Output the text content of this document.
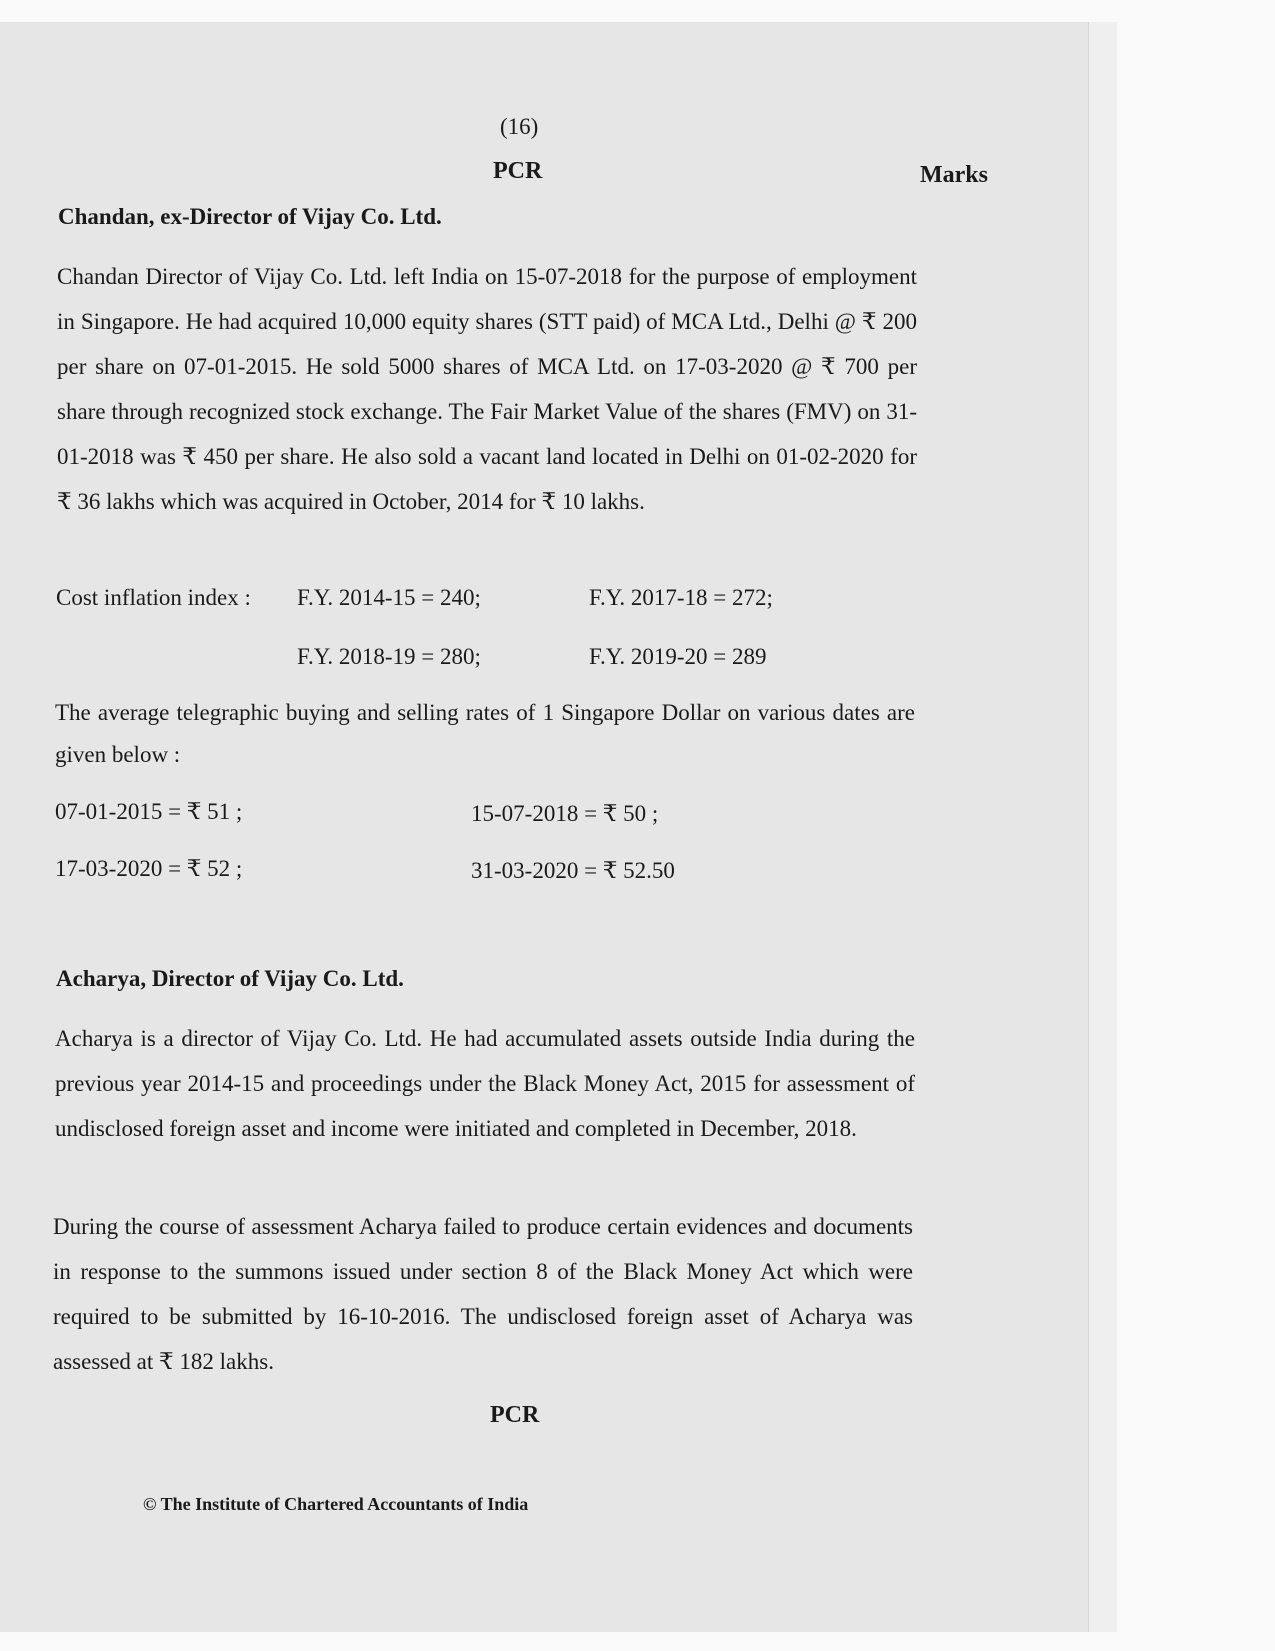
(16)
PCR	Marks
Chandan, ex-Director of Vijay Co. Ltd.
Chandan Director of Vijay Co. Ltd. left India on 15-07-2018 for the purpose of employment in Singapore. He had acquired 10,000 equity shares (STT paid) of MCA Ltd., Delhi @ ₹ 200 per share on 07-01-2015. He sold 5000 shares of MCA Ltd. on 17-03-2020 @ ₹ 700 per share through recognized stock exchange. The Fair Market Value of the shares (FMV) on 31-01-2018 was ₹ 450 per share. He also sold a vacant land located in Delhi on 01-02-2020 for ₹ 36 lakhs which was acquired in October, 2014 for ₹ 10 lakhs.
Cost inflation index : F.Y. 2014-15 = 240;	F.Y. 2017-18 = 272;
F.Y. 2018-19 = 280;	F.Y. 2019-20 = 289
The average telegraphic buying and selling rates of 1 Singapore Dollar on various dates are given below :
07-01-2015 = ₹ 51 ;	15-07-2018 = ₹ 50 ;
17-03-2020 = ₹ 52 ;	31-03-2020 = ₹ 52.50
Acharya, Director of Vijay Co. Ltd.
Acharya is a director of Vijay Co. Ltd. He had accumulated assets outside India during the previous year 2014-15 and proceedings under the Black Money Act, 2015 for assessment of undisclosed foreign asset and income were initiated and completed in December, 2018.
During the course of assessment Acharya failed to produce certain evidences and documents in response to the summons issued under section 8 of the Black Money Act which were required to be submitted by 16-10-2016. The undisclosed foreign asset of Acharya was assessed at ₹ 182 lakhs.
PCR
© The Institute of Chartered Accountants of India
